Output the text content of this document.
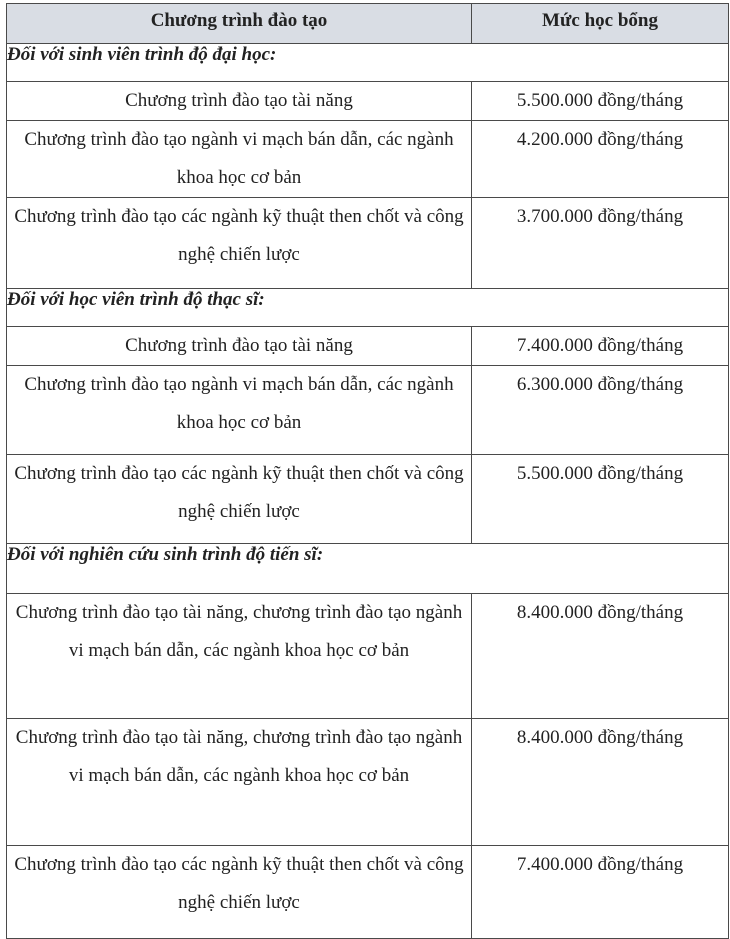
Chương trình đào tạo	Mức học bổng
Đối với sinh viên trình độ đại học:	
Chương trình đào tạo tài năng	5.500.000 đồng/tháng
Chương trình đào tạo ngành vi mạch bán dẫn, các ngành khoa học cơ bản	4.200.000 đồng/tháng
Chương trình đào tạo các ngành kỹ thuật then chốt và công nghệ chiến lược	3.700.000 đồng/tháng
Đối với học viên trình độ thạc sĩ:	
Chương trình đào tạo tài năng	7.400.000 đồng/tháng
Chương trình đào tạo ngành vi mạch bán dẫn, các ngành khoa học cơ bản	6.300.000 đồng/tháng
Chương trình đào tạo các ngành kỹ thuật then chốt và công nghệ chiến lược	5.500.000 đồng/tháng
Đối với nghiên cứu sinh trình độ tiến sĩ:	
Chương trình đào tạo tài năng, chương trình đào tạo ngành vi mạch bán dẫn, các ngành khoa học cơ bản	8.400.000 đồng/tháng
Chương trình đào tạo tài năng, chương trình đào tạo ngành vi mạch bán dẫn, các ngành khoa học cơ bản	8.400.000 đồng/tháng
Chương trình đào tạo các ngành kỹ thuật then chốt và công nghệ chiến lược	7.400.000 đồng/tháng
